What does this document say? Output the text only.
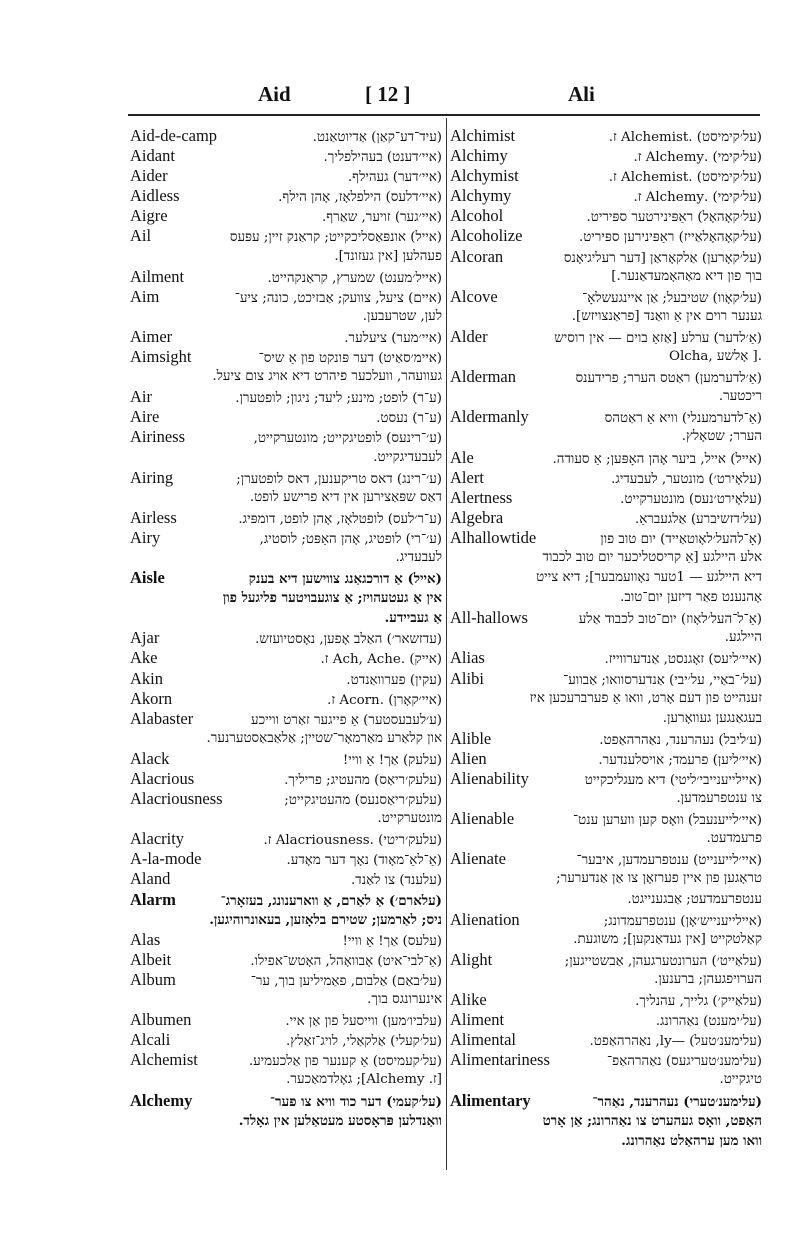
Aid	[ 12 ]	Ali
Aid-de-camp	(עיד־דע־קאַן) אַדיוטאַנט.
Aidant	(איי׳דענט) בעהילפליך.
Aider	(איי׳דער) געהילף.
Aidless	(איי׳דלעס) הילפלאָז, אָהן הילף.
Aigre	(איי׳גער) זויער, שאַרף.
Ail	(אייל) אונפּאַסליכקייט; קראַנק זיין; עפּעס
פעהלען [אין געזונד].
Ailment	(אייל׳מענט) שמערץ, קראַנקהייט.
Aim	(איים) ציעל, צוועק; אַבזיכט, כונה; ציע־
לען, שטרעבען.
Aimer	(איי׳מער) ציעלער.
Aimsight	(איימ׳סאַיט) דער פּונקט פון אַ שיס־
געוועהר, וועלכער פיהרט דיא אויג צום ציעל.
Air	(ע־ר) לופט; מינע; ליעד; ניגון; לופטערן.
Aire	(ע־ר) נעסט.
Airiness	(ע׳־רינעס) לופטיגקייט; מונטערקייט,
לעבעדיגקייט.
Airing	(ע׳־רינג) דאס טריקענען, דאס לופטערן;
דאַס שפּאַצירען אין דיא פרישע לופט.
Airless	(ע־ר׳לעס) לופטלאָז, אָהן לופט, דומפּיג.
Airy	(ע׳־רי) לופטיג, אָהן האַפּט; לוסטיג,
לעבעדיג.
Aisle	(אייל) אַ דורכגאַנג צווישען דיא בענק
אין אַ געטעהויז; אַ צוגעבויטער פליגעל פון
אַ געביידע.
Ajar	(עדזשאר׳) האַלב אָפען, נאָסטיועזש.
Ake	(אייק) .Ach, Ache ז.
Akin	(עקין) פערוואַנדט.
Akorn	(איי׳קאָרן) .Acorn ז.
Alabaster	(ע׳לעבעסטער) אַ פייגער זאַרט ווייכע
און קלאַרע מאַרמאָר־שטיין; אַלאַבאַסטערנער.
Alack	(עלעק) אַך! אַ וויי!
Alacrious	(עלעק׳ריאַס) מהעטיג; פריליך.
Alacriousness	(עלעק׳ריאַסנעס) מהעטיגקייט;
מונטערקייט.
Alacrity	(עלעק׳ריטי) .Alacriousness ז.
A-la-mode	(אַ־לאַ־מאָוד) נאָך דער מאָדע.
Aland	(עלענד) צו לאַנד.
Alarm	(עלארם׳) אַ לאַרם, אַ ווארענונג, בעזאָרג־
ניס; לאַרמען; שטירם בלאָזען, בעאונרוהיגען.
Alas	(עלעס) אַך! אַ וויי!
Albeit	(אַ־לבי־איט) אָבוואָהל, האָטש־אפילו.
Album	(על׳באַם) אַלבום, פאַמיליען בוך, ער־
אינערונגס בוך.
Albumen	(עלביו׳מען) ווייסעל פון אַן איי.
Alcali	(על׳קעלי) אַלקאַלי, לויג־זאַלץ.
Alchemist	(על׳קעמיסט) אַ קענער פון אַלכעמיע.
[ז. Alchemy]; גאָלדמאַכער.
Alchemy	(על׳קעמי) דער כוד וויא צו פער־
וואַנדלען פּראָסטע מעטאַלען אין גאָלד.
Alchimist	(על׳קימיסט) .Alchemist ז.
Alchimy	(על׳קימי) .Alchemy ז.
Alchymist	(על׳קימיסט) .Alchemist ז.
Alchymy	(על׳קימי) .Alchemy ז.
Alcohol	(על׳קאָהאָל) ראַפּינירטער ספּיריט.
Alcoholize	(על׳קאָהאָלאַייז) ראַפּינירען ספּיריט.
Alcoran	(על׳קאָרען) אַלקאָראַן [דער רעליגיאָנס
בוך פון דיא מאַהאָמעדאַנער.]
Alcove	(על׳קאָוו) שטיבעל; אַן איינגעשלאָ־
גענער רוים אין אַ וואַנד [פראַנצויזש].
Alder	(אַ׳לדער) ערלע [אַזאַ בוים — אין רוסיש
Olcha, אָלשע ].
Alderman	(אַ׳לדערמען) ראַטס הערר; פרידענס
ריכטער.
Aldermanly	(אַ־לדערמענלי) וויא אַ ראַטהס
הערר; שטאָלץ.
Ale	(אייל) אייל, ביער אָהן האָפּען; אַ סעודה.
Alert	(עלאָירט׳) מונטער, לעבעדיג.
Alertness	(עלאָירט׳נעס) מונטערקייט.
Algebra	(על׳דזשיברע) אַלגעבראַ.
Alhallowtide	(אָ־להעל׳לאָוטאַייד) יום טוב פון
אלע היילגע [אַ קריסטליכער יום טוב לכבוד
דיא היילגע — 1טער נאָוועמבער]; דיא צייט
אָהנענט פאַר דיזען יום־טוב.
All-hallows	(אַ־ל־העל׳לאָוז) יום־טוב לכבוד אַלע
היילגע.
Alias	(איי׳ליעס) זאָגנסט, אַנדערווייז.
Alibi	(על׳־באַיי, על׳יבי) אַנדערסוואו; אַבווע־
זענהייט פון דעם אָרט, וואו אַ פערברעכען איז
בעגאַנגען געוואָרען.
Alible	(ע׳ליבל) נעהרענד, נאַהרהאַפט.
Alien	(איי׳ליען) פרעמד; אויסלענדער.
Alienability	(איילייענייבי׳ליטי) דיא מעגליכקייט
צו ענטפרעמדען.
Alienable	(איי׳לייענעבל) וואָס קען ווערען ענט־
פרעמדעט.
Alienate	(איי׳לייענייט) ענטפרעמדען, איבער־
טראָגען פון איין פערזאָן צו אַן אַנדערער;
ענטפרעמדעט; אַבגענייגט.
Alienation	(איילייענייש׳אָן) ענטפרעמדונג;
קאַלטקייט [אין געדאַנקען]; משוגעת.
Alight	(עלאַייט׳) הערונטערגעהן, אַבשטייגען;
הערויפגעהן; ברענען.
Alike	(עלאַייק׳) גלייך, עהנליך.
Aliment	(על׳ימענט) נאַהרונג.
Alimental	(עלימענ׳טעל) —ly, נאַהרהאַפט.
Alimentariness	(עלימענ׳טעריגעס) נאַהרהאַפ־
טיגקייט.
Alimentary	(עלימענ׳טערי) נעהרענד, נאַהר־
האַפט, וואָס געהערט צו נאַהרונג; אַן אָרט
וואו מען ערהאַלט נאַהרונג.
